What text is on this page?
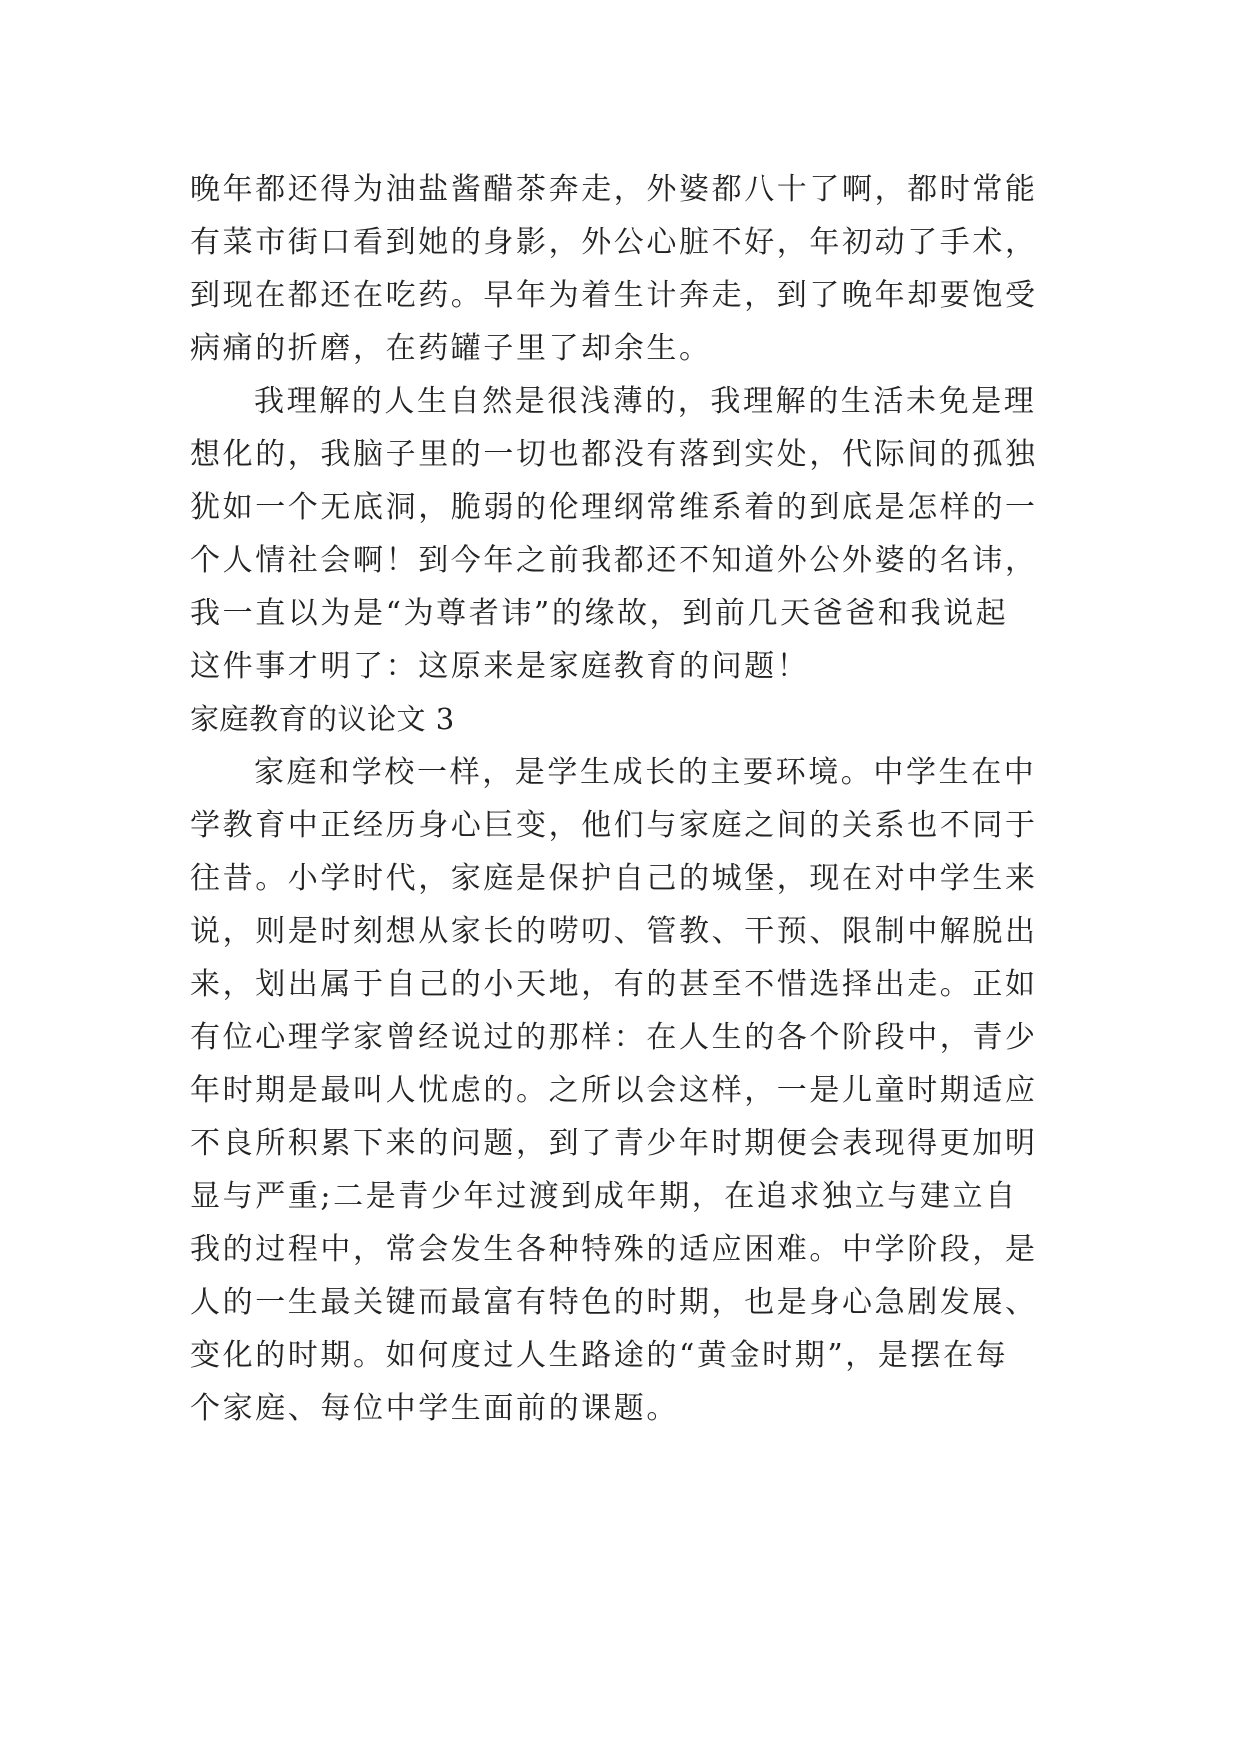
晚年都还得为油盐酱醋茶奔走，外婆都八十了啊，都时常能
有菜市街口看到她的身影，外公心脏不好，年初动了手术，
到现在都还在吃药。早年为着生计奔走，到了晚年却要饱受
病痛的折磨，在药罐子里了却余生。
我理解的人生自然是很浅薄的，我理解的生活未免是理
想化的，我脑子里的一切也都没有落到实处，代际间的孤独
犹如一个无底洞，脆弱的伦理纲常维系着的到底是怎样的一
个人情社会啊！到今年之前我都还不知道外公外婆的名讳，
我一直以为是“为尊者讳”的缘故，到前几天爸爸和我说起
这件事才明了：这原来是家庭教育的问题！
家庭教育的议论文 3
家庭和学校一样，是学生成长的主要环境。中学生在中
学教育中正经历身心巨变，他们与家庭之间的关系也不同于
往昔。小学时代，家庭是保护自己的城堡，现在对中学生来
说，则是时刻想从家长的唠叨、管教、干预、限制中解脱出
来，划出属于自己的小天地，有的甚至不惜选择出走。正如
有位心理学家曾经说过的那样：在人生的各个阶段中，青少
年时期是最叫人忧虑的。之所以会这样，一是儿童时期适应
不良所积累下来的问题，到了青少年时期便会表现得更加明
显与严重;二是青少年过渡到成年期，在追求独立与建立自
我的过程中，常会发生各种特殊的适应困难。中学阶段，是
人的一生最关键而最富有特色的时期，也是身心急剧发展、
变化的时期。如何度过人生路途的“黄金时期”，是摆在每
个家庭、每位中学生面前的课题。
